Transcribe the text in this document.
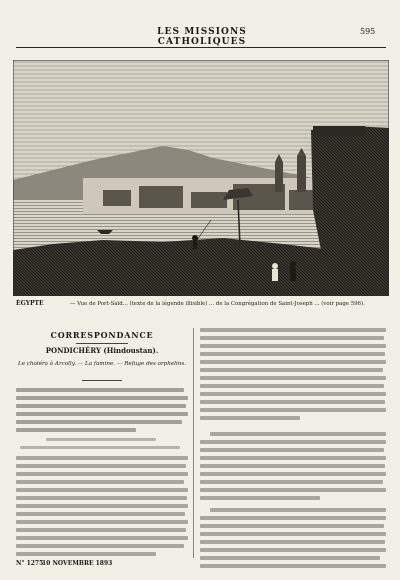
LES MISSIONS CATHOLIQUES
595
ÉGYPTE	— Vue de Port-Saïd... (texte de la légende illisible) ... de la Congrégation de Saint-Joseph ... (voir page 596).
CORRESPONDANCE
PONDICHÉRY (Hindoustan).
Le choléra à Arcolly. — La famine. — Refuge des orphelins.
N° 1275
10 NOVEMBRE 1893
